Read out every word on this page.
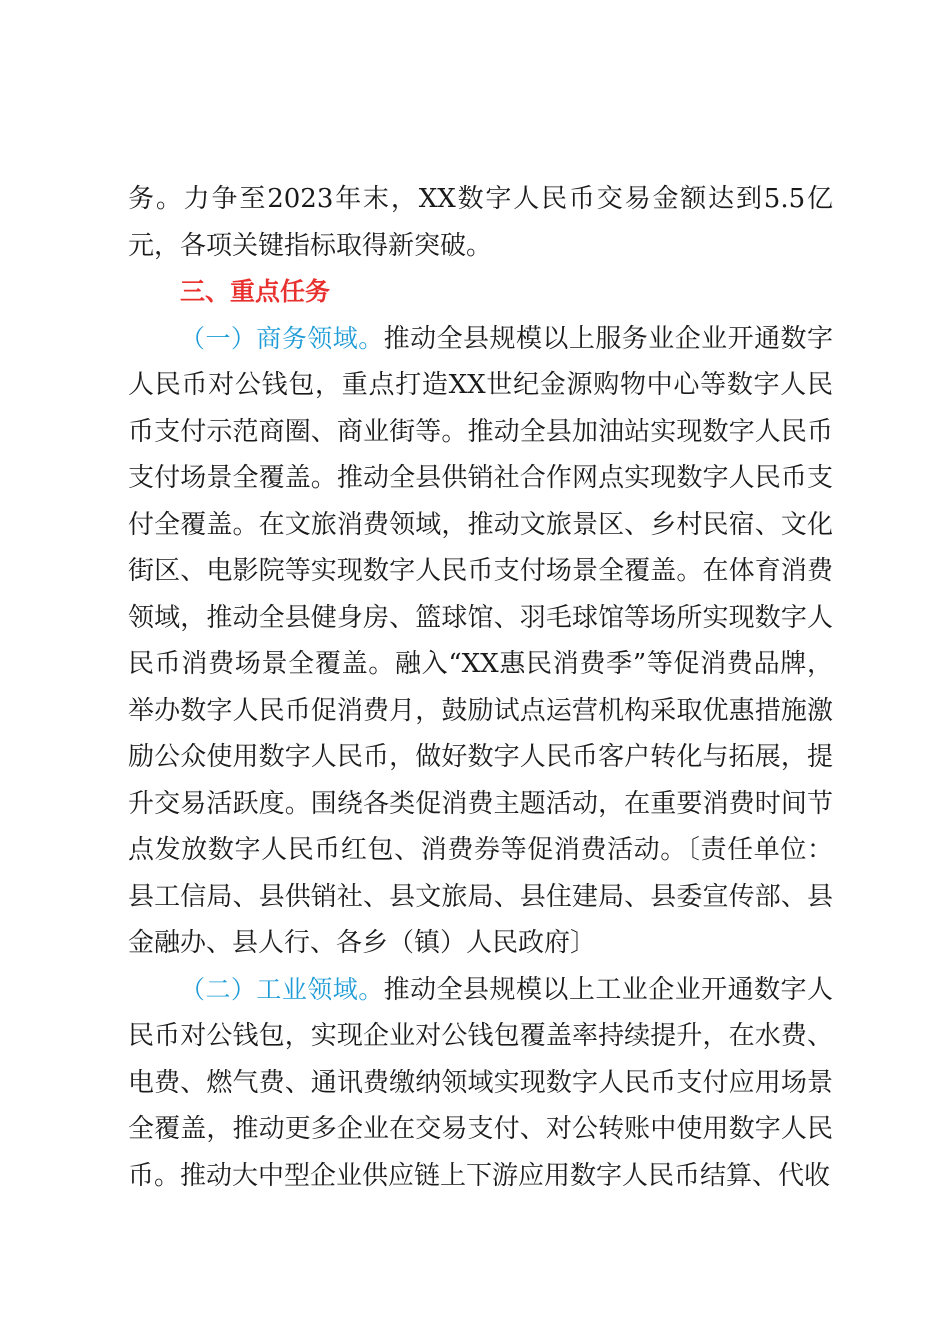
务。力争至2023年末，XX数字人民币交易金额达到5.5亿元，各项关键指标取得新突破。

三、重点任务

（一）商务领域。推动全县规模以上服务业企业开通数字人民币对公钱包，重点打造XX世纪金源购物中心等数字人民币支付示范商圈、商业街等。推动全县加油站实现数字人民币支付场景全覆盖。推动全县供销社合作网点实现数字人民币支付全覆盖。在文旅消费领域，推动文旅景区、乡村民宿、文化街区、电影院等实现数字人民币支付场景全覆盖。在体育消费领域，推动全县健身房、篮球馆、羽毛球馆等场所实现数字人民币消费场景全覆盖。融入“XX惠民消费季”等促消费品牌，举办数字人民币促消费月，鼓励试点运营机构采取优惠措施激励公众使用数字人民币，做好数字人民币客户转化与拓展，提升交易活跃度。围绕各类促消费主题活动，在重要消费时间节点发放数字人民币红包、消费券等促消费活动。〔责任单位：县工信局、县供销社、县文旅局、县住建局、县委宣传部、县金融办、县人行、各乡（镇）人民政府〕

（二）工业领域。推动全县规模以上工业企业开通数字人民币对公钱包，实现企业对公钱包覆盖率持续提升，在水费、电费、燃气费、通讯费缴纳领域实现数字人民币支付应用场景全覆盖，推动更多企业在交易支付、对公转账中使用数字人民币。推动大中型企业供应链上下游应用数字人民币结算、代收
